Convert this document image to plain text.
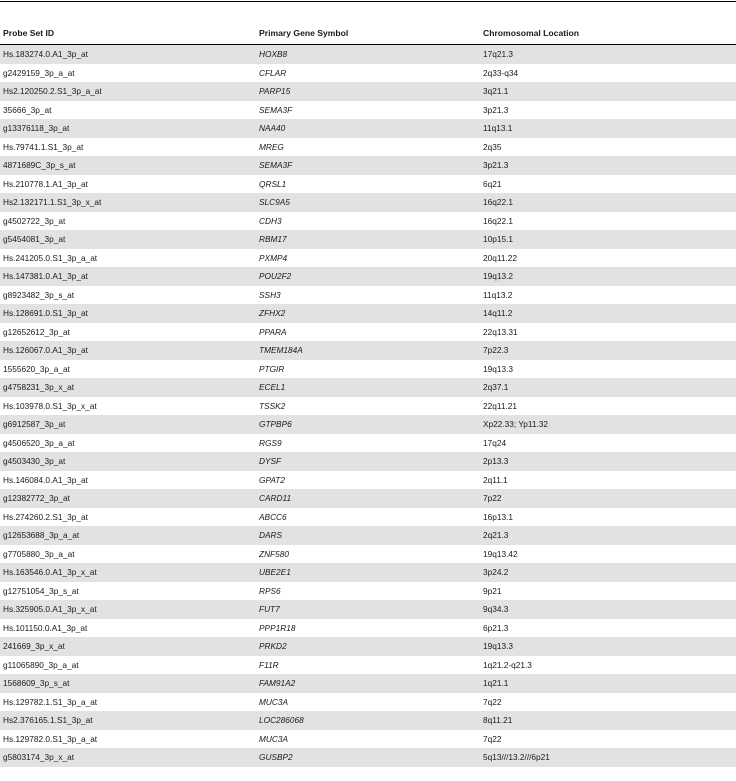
Probe Set ID	Primary Gene Symbol	Chromosomal Location
Hs.183274.0.A1_3p_at	HOXB8	17q21.3
g2429159_3p_a_at	CFLAR	2q33-q34
Hs2.120250.2.S1_3p_a_at	PARP15	3q21.1
35666_3p_at	SEMA3F	3p21.3
g13376118_3p_at	NAA40	11q13.1
Hs.79741.1.S1_3p_at	MREG	2q35
4871689C_3p_s_at	SEMA3F	3p21.3
Hs.210778.1.A1_3p_at	QRSL1	6q21
Hs2.132171.1.S1_3p_x_at	SLC9A5	16q22.1
g4502722_3p_at	CDH3	16q22.1
g5454081_3p_at	RBM17	10p15.1
Hs.241205.0.S1_3p_a_at	PXMP4	20q11.22
Hs.147381.0.A1_3p_at	POU2F2	19q13.2
g8923482_3p_s_at	SSH3	11q13.2
Hs.128691.0.S1_3p_at	ZFHX2	14q11.2
g12652612_3p_at	PPARA	22q13.31
Hs.126067.0.A1_3p_at	TMEM184A	7p22.3
1555620_3p_a_at	PTGIR	19q13.3
g4758231_3p_x_at	ECEL1	2q37.1
Hs.103978.0.S1_3p_x_at	TSSK2	22q11.21
g6912587_3p_at	GTPBP6	Xp22.33; Yp11.32
g4506520_3p_a_at	RGS9	17q24
g4503430_3p_at	DYSF	2p13.3
Hs.146084.0.A1_3p_at	GPAT2	2q11.1
g12382772_3p_at	CARD11	7p22
Hs.274260.2.S1_3p_at	ABCC6	16p13.1
g12653688_3p_a_at	DARS	2q21.3
g7705880_3p_a_at	ZNF580	19q13.42
Hs.163546.0.A1_3p_x_at	UBE2E1	3p24.2
g12751054_3p_s_at	RPS6	9p21
Hs.325905.0.A1_3p_x_at	FUT7	9q34.3
Hs.101150.0.A1_3p_at	PPP1R18	6p21.3
241669_3p_x_at	PRKD2	19q13.3
g11065890_3p_a_at	F11R	1q21.2-q21.3
1568609_3p_s_at	FAM91A2	1q21.1
Hs.129782.1.S1_3p_a_at	MUC3A	7q22
Hs2.376165.1.S1_3p_at	LOC286068	8q11.21
Hs.129782.0.S1_3p_a_at	MUC3A	7q22
g5803174_3p_x_at	GUSBP2	5q13///13.2///6p21
